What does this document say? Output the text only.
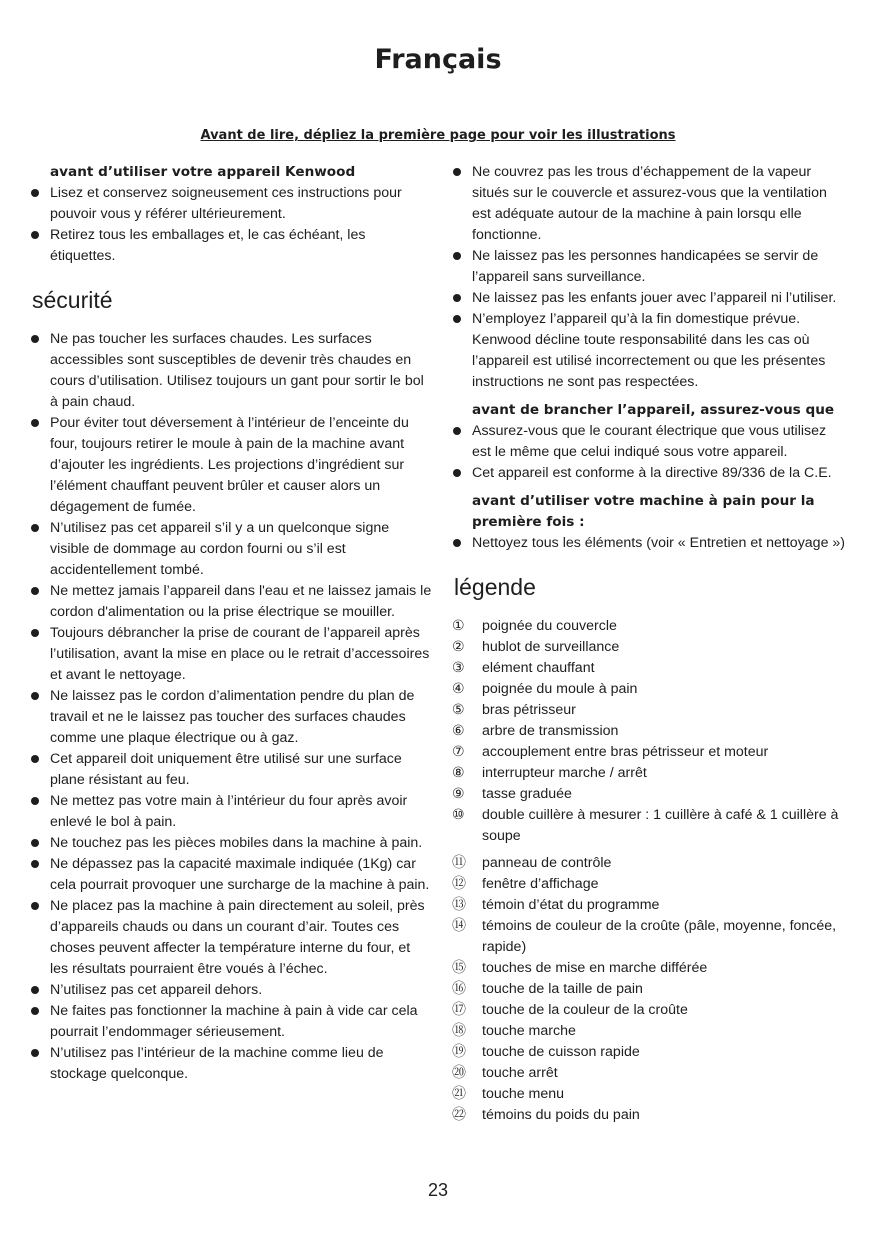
Français
Avant de lire, dépliez la première page pour voir les illustrations
avant d’utiliser votre appareil Kenwood
Lisez et conservez soigneusement ces instructions pour pouvoir vous y référer ultérieurement.
Retirez tous les emballages et, le cas échéant, les étiquettes.
sécurité
Ne pas toucher les surfaces chaudes. Les surfaces accessibles sont susceptibles de devenir très chaudes en cours d’utilisation. Utilisez toujours un gant pour sortir le bol à pain chaud.
Pour éviter tout déversement à l’intérieur de l’enceinte du four, toujours retirer le moule à pain de la machine avant d’ajouter les ingrédients. Les projections d’ingrédient sur l’élément chauffant peuvent brûler et causer alors un dégagement de fumée.
N’utilisez pas cet appareil s’il y a un quelconque signe visible de dommage au cordon fourni ou s’il est accidentellement tombé.
Ne mettez jamais l’appareil dans l'eau et ne laissez jamais le cordon d'alimentation ou la prise électrique se mouiller.
Toujours débrancher la prise de courant de l’appareil après l’utilisation, avant la mise en place ou le retrait d’accessoires et avant le nettoyage.
Ne laissez pas le cordon d’alimentation pendre du plan de travail et ne le laissez pas toucher des surfaces chaudes comme une plaque électrique ou à gaz.
Cet appareil doit uniquement être utilisé sur une surface plane résistant au feu.
Ne mettez pas votre main à l’intérieur du four après avoir enlevé le bol à pain.
Ne touchez pas les pièces mobiles dans la machine à pain.
Ne dépassez pas la capacité maximale indiquée (1Kg) car cela pourrait provoquer une surcharge de la machine à pain.
Ne placez pas la machine à pain directement au soleil, près d’appareils chauds ou dans un courant d’air. Toutes ces choses peuvent affecter la température interne du four, et les résultats pourraient être voués à l’échec.
N’utilisez pas cet appareil dehors.
Ne faites pas fonctionner la machine à pain à vide car cela pourrait l’endommager sérieusement.
N’utilisez pas l’intérieur de la machine comme lieu de stockage quelconque.
Ne couvrez pas les trous d’échappement de la vapeur situés sur le couvercle et assurez-vous que la ventilation est adéquate autour de la machine à pain lorsqu elle fonctionne.
Ne laissez pas les personnes handicapées se servir de l’appareil sans surveillance.
Ne laissez pas les enfants jouer avec l’appareil ni l’utiliser.
N’employez l’appareil qu’à la fin domestique prévue. Kenwood décline toute responsabilité dans les cas où l’appareil est utilisé incorrectement ou que les présentes instructions ne sont pas respectées.
avant de brancher l’appareil, assurez-vous que
Assurez-vous que le courant électrique que vous utilisez est le même que celui indiqué sous votre appareil.
Cet appareil est conforme à la directive 89/336 de la C.E.
avant d’utiliser votre machine à pain pour la première fois :
Nettoyez tous les éléments (voir « Entretien et nettoyage »)
légende
①	poignée du couvercle
②	hublot de surveillance
③	elément chauffant
④	poignée du moule à pain
⑤	bras pétrisseur
⑥	arbre de transmission
⑦	accouplement entre bras pétrisseur et moteur
⑧	interrupteur marche / arrêt
⑨	tasse graduée
⑩	double cuillère à mesurer : 1 cuillère à café & 1 cuillère à soupe
⑪	panneau de contrôle
⑫	fenêtre d’affichage
⑬	témoin d’état du programme
⑭	témoins de couleur de la croûte (pâle, moyenne, foncée, rapide)
⑮	touches de mise en marche différée
⑯	touche de la taille de pain
⑰	touche de la couleur de la croûte
⑱	touche marche
⑲	touche de cuisson rapide
⑳	touche arrêt
㉑	touche menu
㉒	témoins du poids du pain
23
